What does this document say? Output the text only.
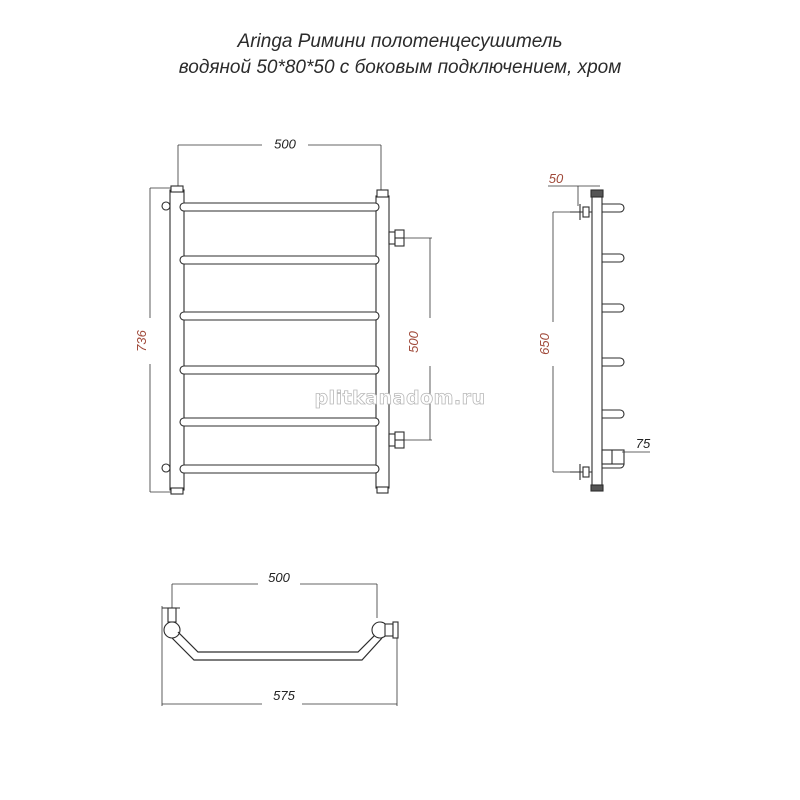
Aringa Римини полотенцесушитель
водяной 50*80*50 с боковым подключением, хром
500
736	500
50
650
75
500
575
plitkanadom.ru
